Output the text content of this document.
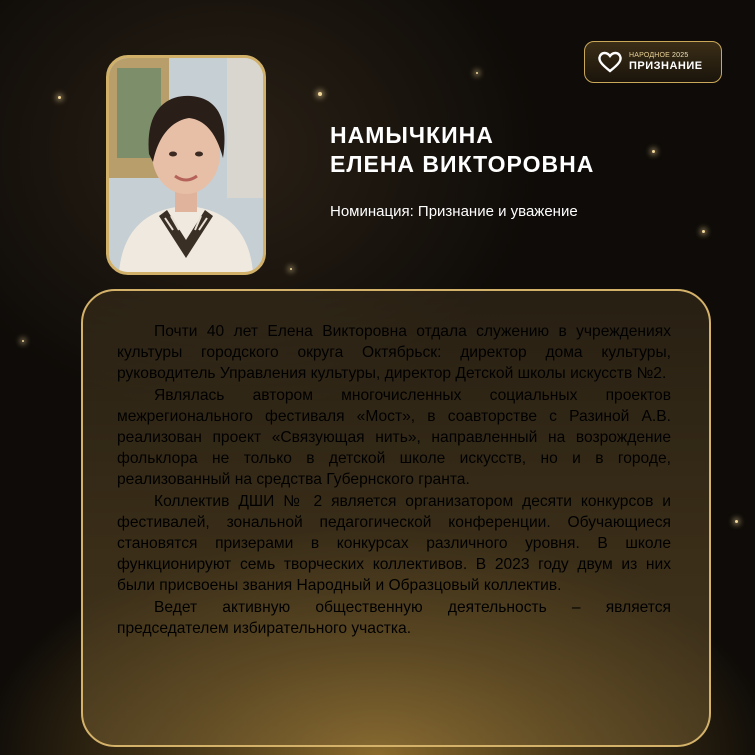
НАРОДНОЕ 2025
ПРИЗНАНИЕ
НАМЫЧКИНА
ЕЛЕНА ВИКТОРОВНА
Номинация: Признание и уважение

Почти 40 лет Елена Викторовна отдала служению в учреждениях культуры городского округа Октябрьск: директор дома культуры, руководитель Управления культуры, директор Детской школы искусств №2.

Являлась автором многочисленных социальных проектов межрегионального фестиваля «Мост», в соавторстве с Разиной А.В. реализован проект «Связующая нить», направленный на возрождение фольклора не только в детской школе искусств, но и в городе, реализованный на средства Губернского гранта.

Коллектив ДШИ № 2 является организатором десяти конкурсов и фестивалей, зональной педагогической конференции. Обучающиеся становятся призерами в конкурсах различного уровня. В школе функционируют семь творческих коллективов. В 2023 году двум из них были присвоены звания Народный и Образцовый коллектив.

Ведет активную общественную деятельность – является председателем избирательного участка.
